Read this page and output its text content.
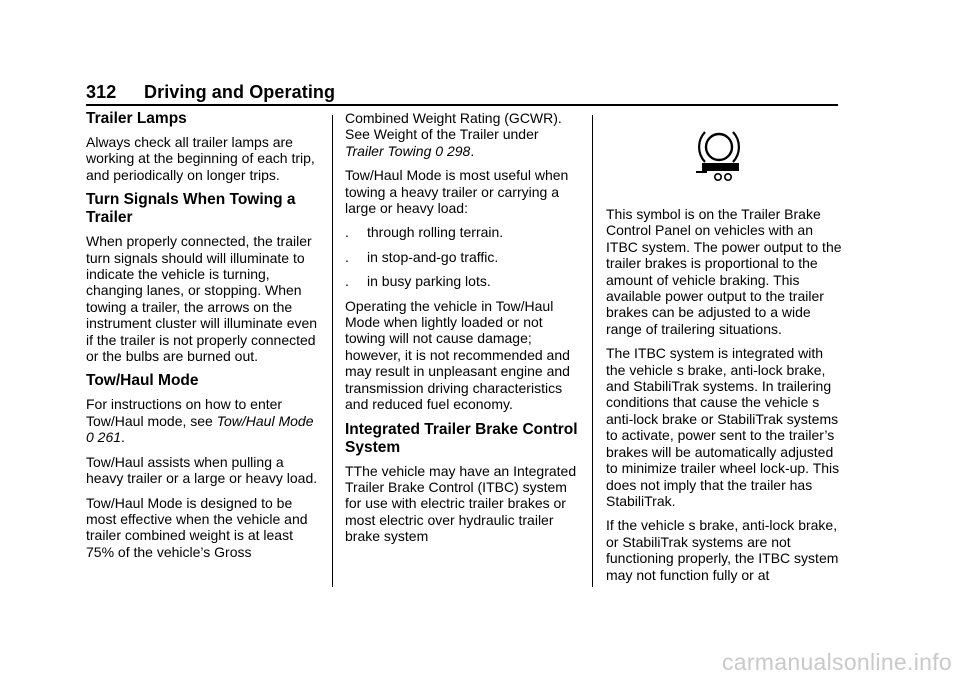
312 Driving and Operating
Trailer Lamps

Always check all trailer lamps are working at the beginning of each trip, and periodically on longer trips.

Turn Signals When Towing a Trailer

When properly connected, the trailer turn signals should will illuminate to indicate the vehicle is turning, changing lanes, or stopping. When towing a trailer, the arrows on the instrument cluster will illuminate even if the trailer is not properly connected or the bulbs are burned out.

Tow/Haul Mode

For instructions on how to enter Tow/Haul mode, see Tow/Haul Mode 0 261.

Tow/Haul assists when pulling a heavy trailer or a large or heavy load.

Tow/Haul Mode is designed to be most effective when the vehicle and trailer combined weight is at least 75% of the vehicle’s Gross

Combined Weight Rating (GCWR). See Weight of the Trailer under Trailer Towing 0 298.

Tow/Haul Mode is most useful when towing a heavy trailer or carrying a large or heavy load:

. through rolling terrain.
. in stop-and-go traffic.
. in busy parking lots.

Operating the vehicle in Tow/Haul Mode when lightly loaded or not towing will not cause damage; however, it is not recommended and may result in unpleasant engine and transmission driving characteristics and reduced fuel economy.

Integrated Trailer Brake Control System

TThe vehicle may have an Integrated Trailer Brake Control (ITBC) system for use with electric trailer brakes or most electric over hydraulic trailer brake system

This symbol is on the Trailer Brake Control Panel on vehicles with an ITBC system. The power output to the trailer brakes is proportional to the amount of vehicle braking. This available power output to the trailer brakes can be adjusted to a wide range of trailering situations.

The ITBC system is integrated with the vehicle s brake, anti-lock brake, and StabiliTrak systems. In trailering conditions that cause the vehicle s anti-lock brake or StabiliTrak systems to activate, power sent to the trailer’s brakes will be automatically adjusted to minimize trailer wheel lock-up. This does not imply that the trailer has StabiliTrak.

If the vehicle s brake, anti-lock brake, or StabiliTrak systems are not functioning properly, the ITBC system may not function fully or at

carmanualsonline.info
